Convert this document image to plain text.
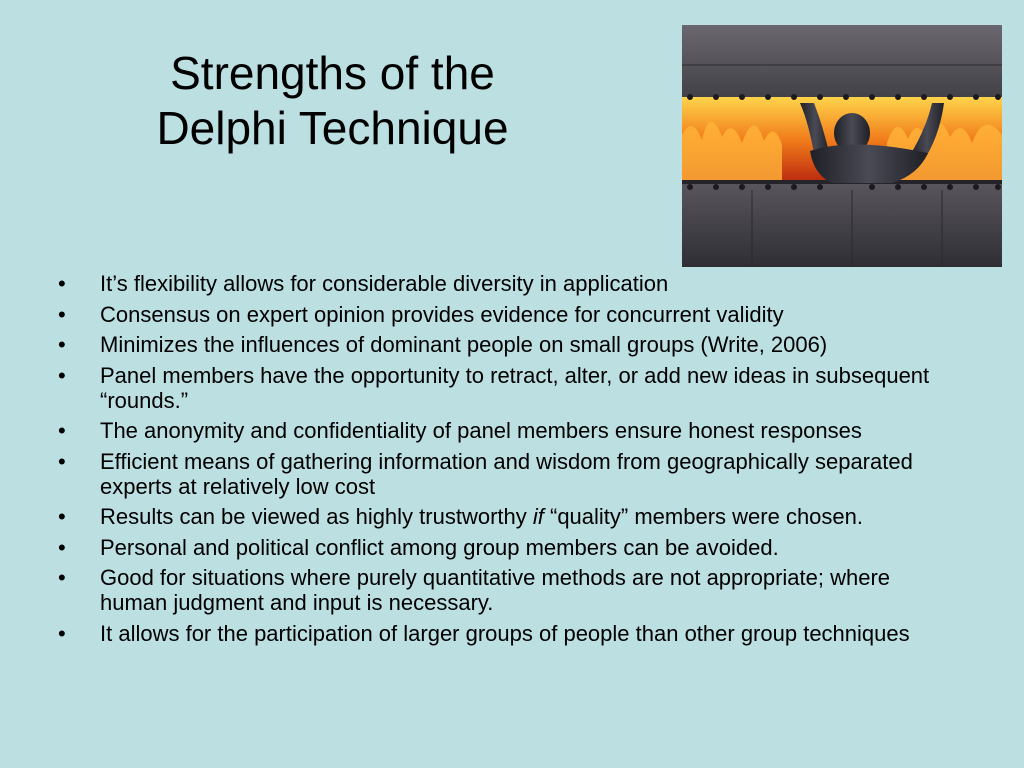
Strengths of the
Delphi Technique
• It’s flexibility allows for considerable diversity in application
• Consensus on expert opinion provides evidence for concurrent validity
• Minimizes the influences of dominant people on small groups (Write, 2006)
• Panel members have the opportunity to retract, alter, or add new ideas in subsequent “rounds.”
• The anonymity and confidentiality of panel members ensure honest responses
• Efficient means of gathering information and wisdom from geographically separated experts at relatively low cost
• Results can be viewed as highly trustworthy if “quality” members were chosen.
• Personal and political conflict among group members can be avoided.
• Good for situations where purely quantitative methods are not appropriate; where human judgment and input is necessary.
• It allows for the participation of larger groups of people than other group techniques
